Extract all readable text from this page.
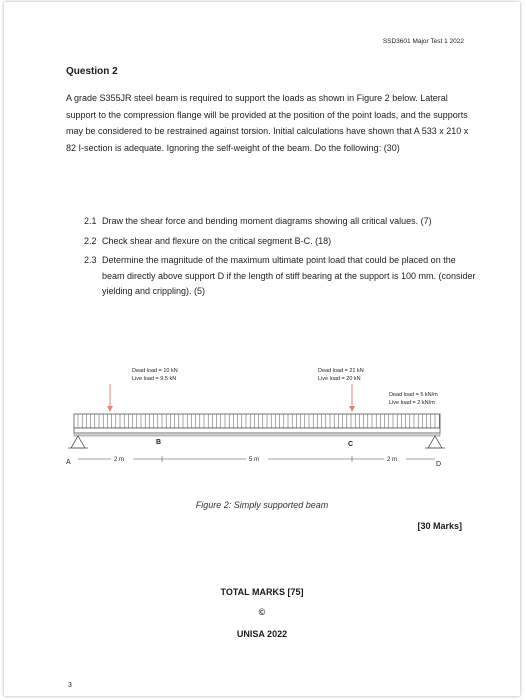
SSD3601 Major Test 1 2022
Question 2
A grade S355JR steel beam is required to support the loads as shown in Figure 2 below. Lateral support to the compression flange will be provided at the position of the point loads, and the supports may be considered to be restrained against torsion. Initial calculations have shown that A 533 x 210 x 82 I-section is adequate. Ignoring the self-weight of the beam. Do the following: (30)
2.1 Draw the shear force and bending moment diagrams showing all critical values. (7)
2.2 Check shear and flexure on the critical segment B-C. (18)
2.3 Determine the magnitude of the maximum ultimate point load that could be placed on the beam directly above support D if the length of stiff bearing at the support is 100 mm. (consider yielding and crippling). (5)
Dead load = 10 kN
Live load = 9.5 kN
Dead load = 21 kN
Live load = 20 kN
Dead load = 5 kN/m
Live load = 2 kN/m
A
B	C
D
2 m	5 m	2 m
Figure 2: Simply supported beam
[30 Marks]
TOTAL MARKS [75]
©
UNISA 2022
3
